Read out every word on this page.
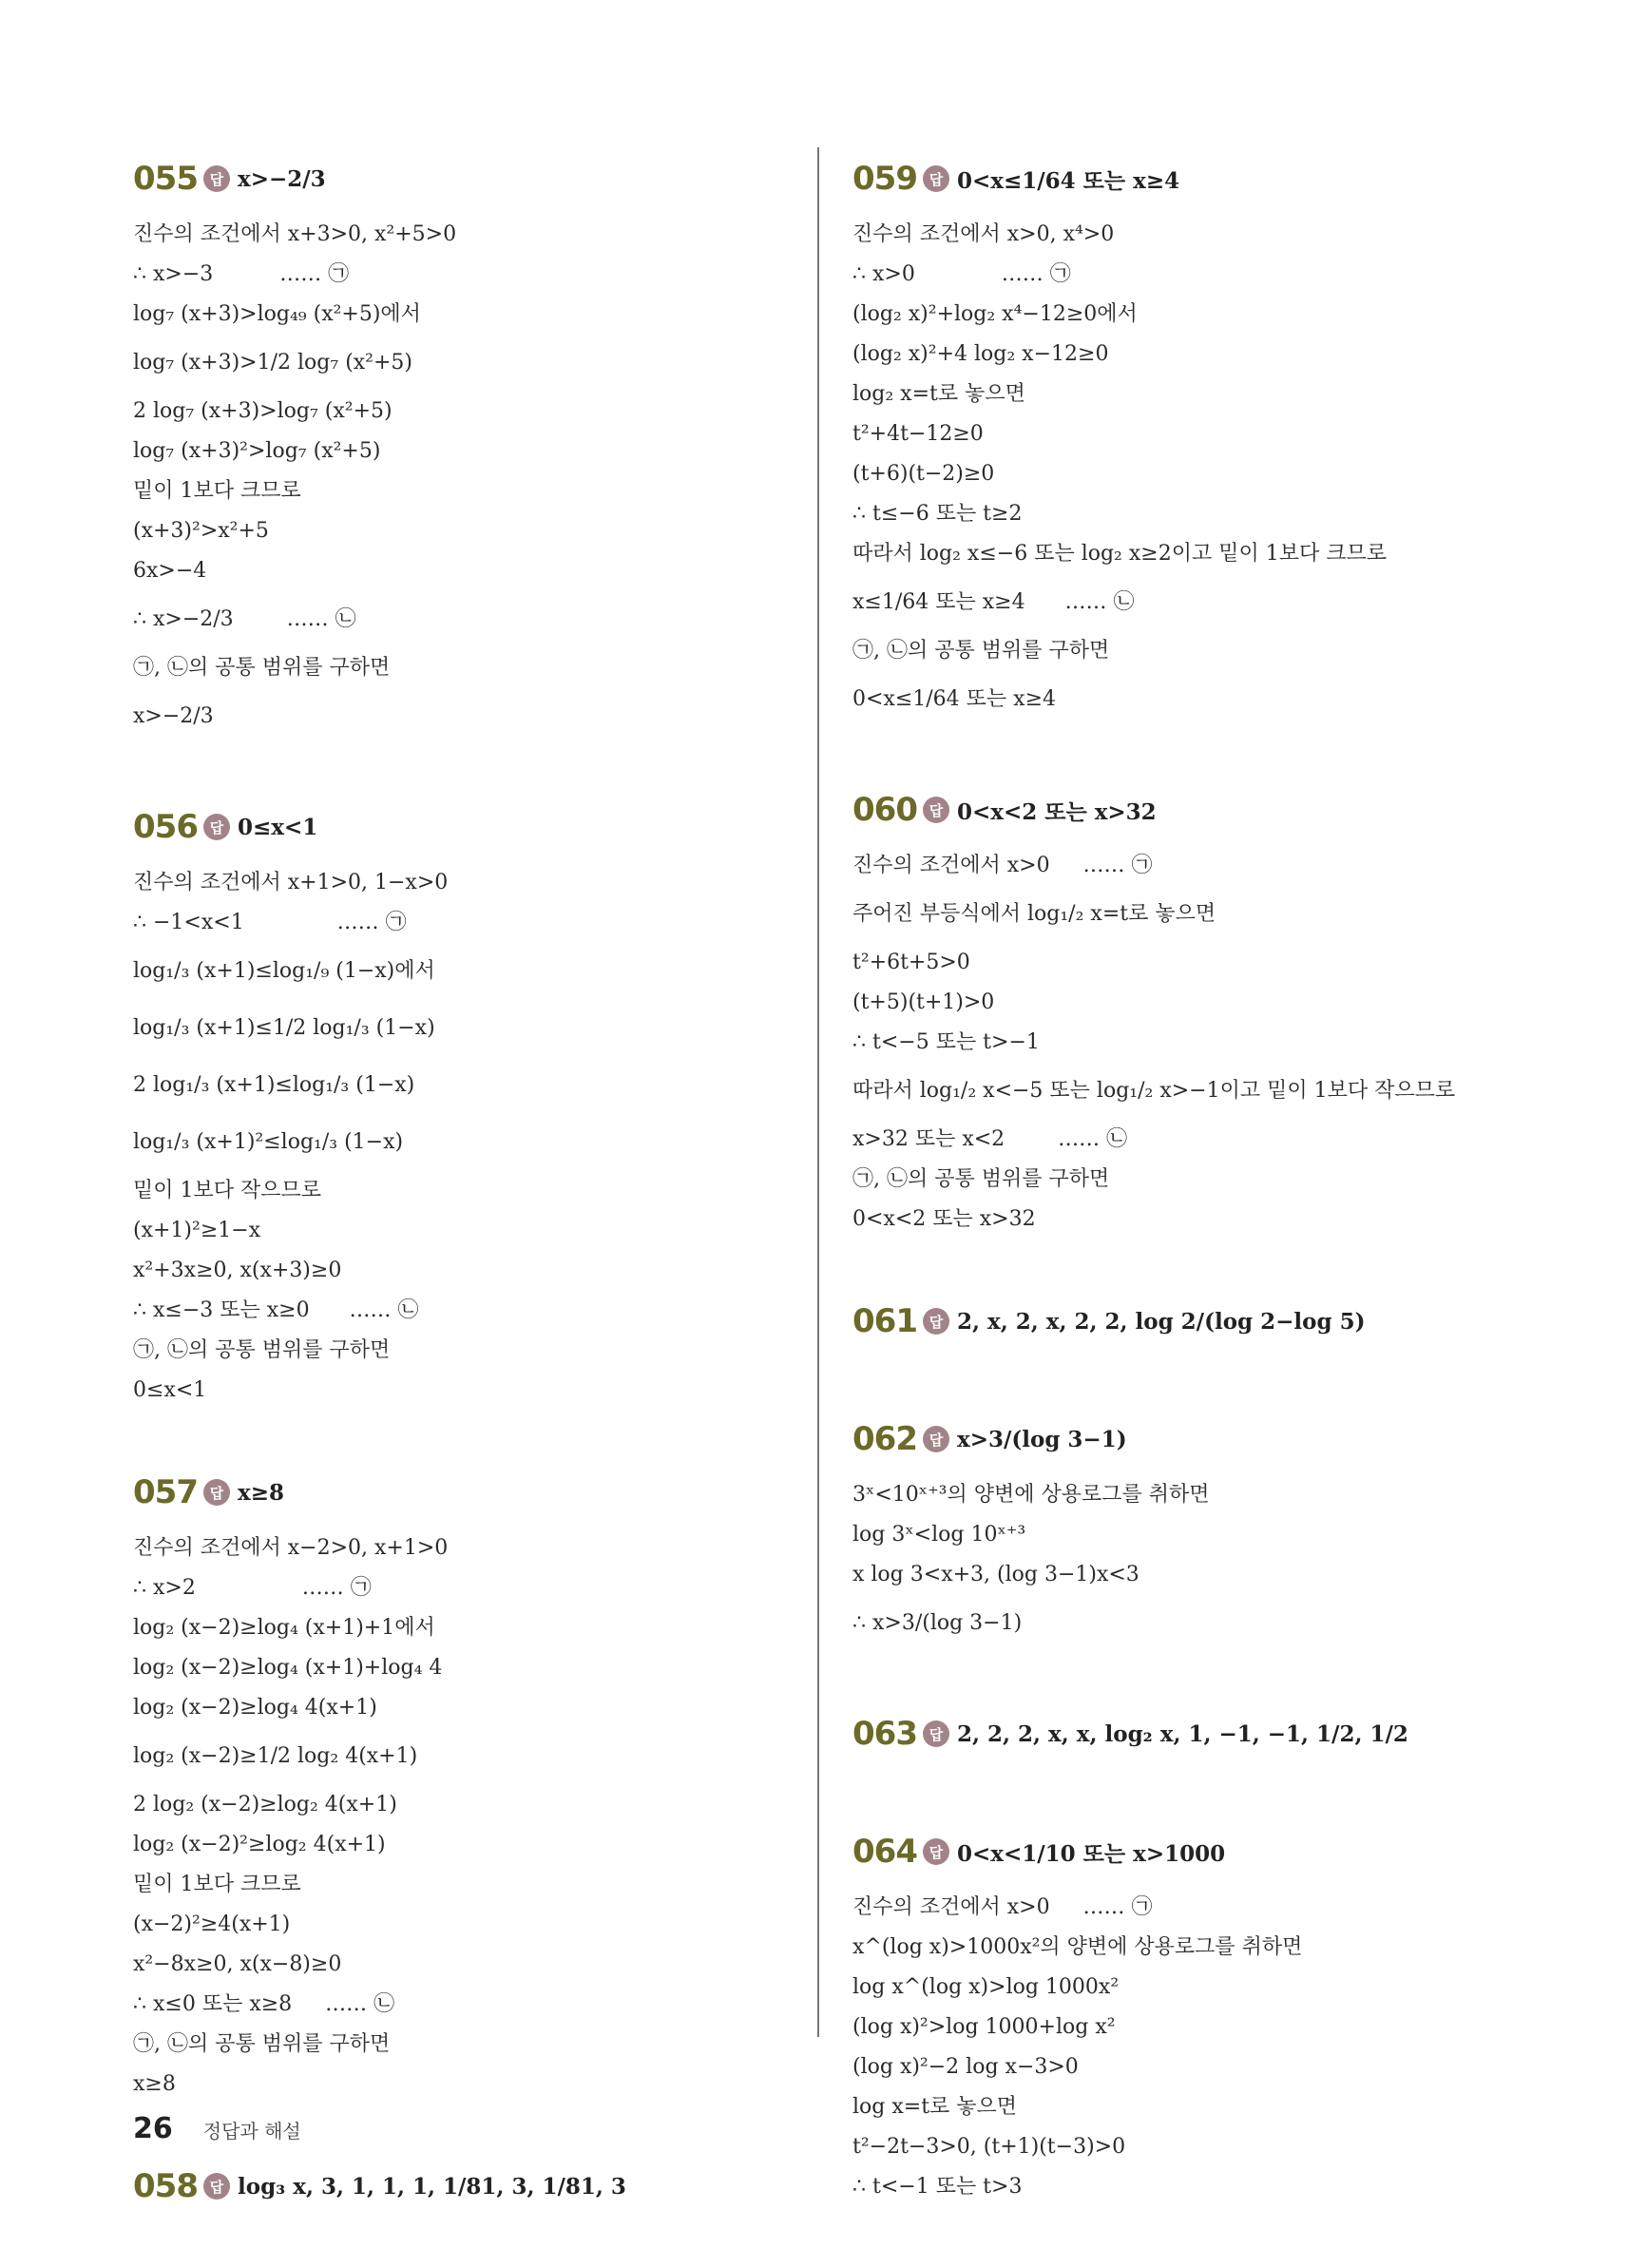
055 답 x>−2/3
진수의 조건에서 x+3>0, x²+5>0
∴ x>−3          …… ㉠
log₇ (x+3)>log₄₉ (x²+5)에서
log₇ (x+3)>1/2 log₇ (x²+5)
2 log₇ (x+3)>log₇ (x²+5)
log₇ (x+3)²>log₇ (x²+5)
밑이 1보다 크므로
(x+3)²>x²+5
6x>−4
∴ x>−2/3        …… ㉡
㉠, ㉡의 공통 범위를 구하면
x>−2/3
056 답 0≤x<1
진수의 조건에서 x+1>0, 1−x>0
∴ −1<x<1              …… ㉠
log₁/₃ (x+1)≤log₁/₉ (1−x)에서
log₁/₃ (x+1)≤1/2 log₁/₃ (1−x)
2 log₁/₃ (x+1)≤log₁/₃ (1−x)
log₁/₃ (x+1)²≤log₁/₃ (1−x)
밑이 1보다 작으므로
(x+1)²≥1−x
x²+3x≥0, x(x+3)≥0
∴ x≤−3 또는 x≥0      …… ㉡
㉠, ㉡의 공통 범위를 구하면
0≤x<1
057 답 x≥8
진수의 조건에서 x−2>0, x+1>0
∴ x>2                …… ㉠
log₂ (x−2)≥log₄ (x+1)+1에서
log₂ (x−2)≥log₄ (x+1)+log₄ 4
log₂ (x−2)≥log₄ 4(x+1)
log₂ (x−2)≥1/2 log₂ 4(x+1)
2 log₂ (x−2)≥log₂ 4(x+1)
log₂ (x−2)²≥log₂ 4(x+1)
밑이 1보다 크므로
(x−2)²≥4(x+1)
x²−8x≥0, x(x−8)≥0
∴ x≤0 또는 x≥8     …… ㉡
㉠, ㉡의 공통 범위를 구하면
x≥8
058 답 log₃ x, 3, 1, 1, 1, 1/81, 3, 1/81, 3
059 답 0<x≤1/64 또는 x≥4
진수의 조건에서 x>0, x⁴>0
∴ x>0             …… ㉠
(log₂ x)²+log₂ x⁴−12≥0에서
(log₂ x)²+4 log₂ x−12≥0
log₂ x=t로 놓으면
t²+4t−12≥0
(t+6)(t−2)≥0
∴ t≤−6 또는 t≥2
따라서 log₂ x≤−6 또는 log₂ x≥2이고 밑이 1보다 크므로
x≤1/64 또는 x≥4      …… ㉡
㉠, ㉡의 공통 범위를 구하면
0<x≤1/64 또는 x≥4
060 답 0<x<2 또는 x>32
진수의 조건에서 x>0     …… ㉠
주어진 부등식에서 log₁/₂ x=t로 놓으면
t²+6t+5>0
(t+5)(t+1)>0
∴ t<−5 또는 t>−1
따라서 log₁/₂ x<−5 또는 log₁/₂ x>−1이고 밑이 1보다 작으므로
x>32 또는 x<2        …… ㉡
㉠, ㉡의 공통 범위를 구하면
0<x<2 또는 x>32
061 답 2, x, 2, x, 2, 2, log 2/(log 2−log 5)
062 답 x>3/(log 3−1)
3ˣ<10ˣ⁺³의 양변에 상용로그를 취하면
log 3ˣ<log 10ˣ⁺³
x log 3<x+3, (log 3−1)x<3
∴ x>3/(log 3−1)
063 답 2, 2, 2, x, x, log₂ x, 1, −1, −1, 1/2, 1/2
064 답 0<x<1/10 또는 x>1000
진수의 조건에서 x>0     …… ㉠
x^(log x)>1000x²의 양변에 상용로그를 취하면
log x^(log x)>log 1000x²
(log x)²>log 1000+log x²
(log x)²−2 log x−3>0
log x=t로 놓으면
t²−2t−3>0, (t+1)(t−3)>0
∴ t<−1 또는 t>3
26 정답과 해설
